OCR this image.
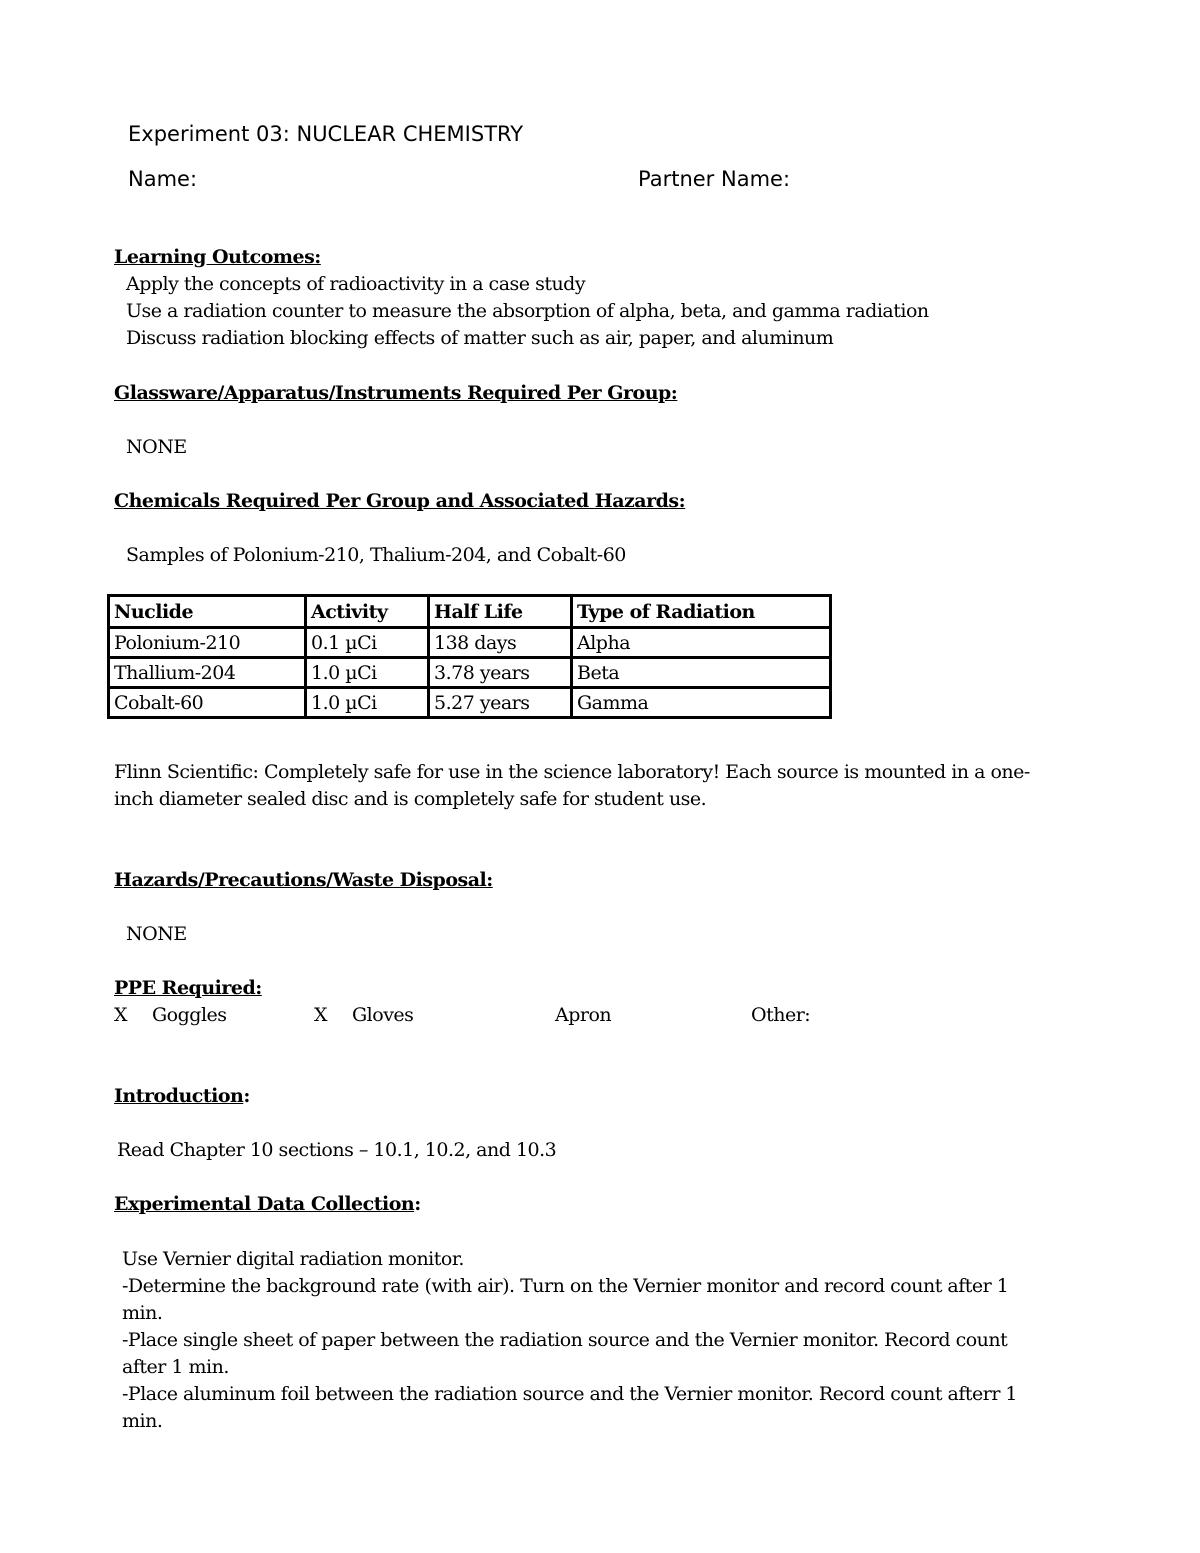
Experiment 03: NUCLEAR CHEMISTRY
Name:	Partner Name:
Learning Outcomes:
Apply the concepts of radioactivity in a case study
Use a radiation counter to measure the absorption of alpha, beta, and gamma radiation
Discuss radiation blocking effects of matter such as air, paper, and aluminum
Glassware/Apparatus/Instruments Required Per Group:
NONE
Chemicals Required Per Group and Associated Hazards:
Samples of Polonium-210, Thalium-204, and Cobalt-60
Nuclide	Activity	Half Life	Type of Radiation
Polonium-210	0.1 µCi	138 days	Alpha
Thallium-204	1.0 µCi	3.78 years	Beta
Cobalt-60	1.0 µCi	5.27 years	Gamma
Flinn Scientific: Completely safe for use in the science laboratory! Each source is mounted in a one-
inch diameter sealed disc and is completely safe for student use.
Hazards/Precautions/Waste Disposal:
NONE
PPE Required:
X Goggles	X Gloves	Apron	Other:
Introduction:
Read Chapter 10 sections – 10.1, 10.2, and 10.3
Experimental Data Collection:
Use Vernier digital radiation monitor.
-Determine the background rate (with air). Turn on the Vernier monitor and record count after 1
min.
-Place single sheet of paper between the radiation source and the Vernier monitor. Record count
after 1 min.
-Place aluminum foil between the radiation source and the Vernier monitor. Record count afterr 1
min.
